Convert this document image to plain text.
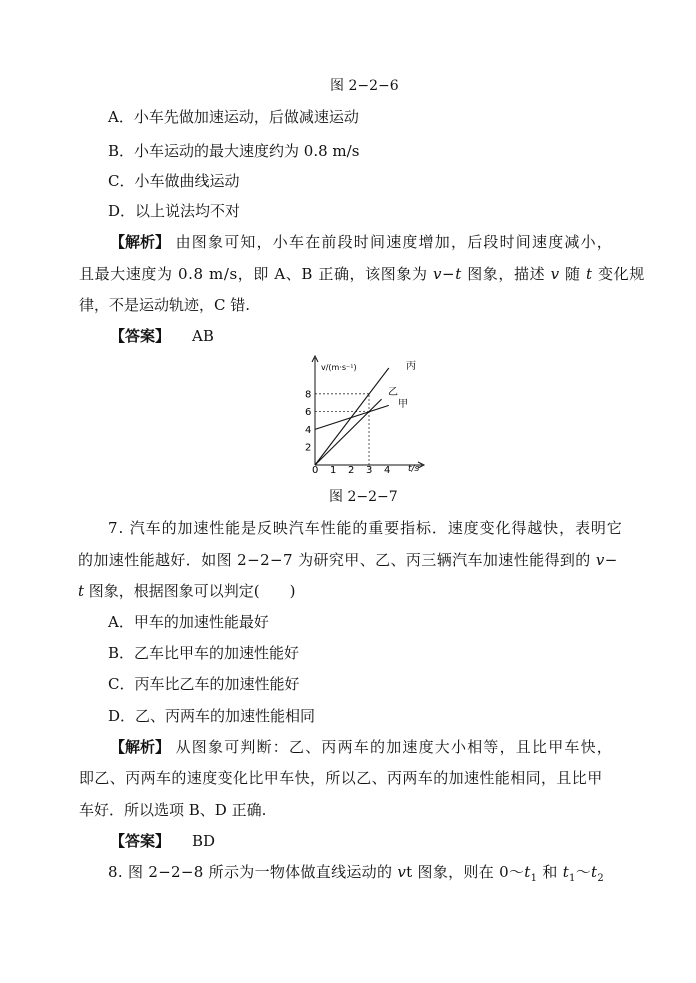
图 2−2−6
A．小车先做加速运动，后做减速运动
B．小车运动的最大速度约为 0.8 m/s
C．小车做曲线运动
D．以上说法均不对
【解析】 由图象可知，小车在前段时间速度增加，后段时间速度减小，
且最大速度为 0.8 m/s，即 A、B 正确，该图象为 v−t 图象，描述 v 随 t 变化规
律，不是运动轨迹，C 错.
【答案】 AB
2
4
6
8
1 2 3 4
v/(m·s⁻¹)
t/s
0
丙
乙
甲
图 2−2−7
7. 汽车的加速性能是反映汽车性能的重要指标．速度变化得越快，表明它
的加速性能越好．如图 2−2−7 为研究甲、乙、丙三辆汽车加速性能得到的 v−
t 图象，根据图象可以判定(　　)
A．甲车的加速性能最好
B．乙车比甲车的加速性能好
C．丙车比乙车的加速性能好
D．乙、丙两车的加速性能相同
【解析】 从图象可判断：乙、丙两车的加速度大小相等，且比甲车快，
即乙、丙两车的速度变化比甲车快，所以乙、丙两车的加速性能相同，且比甲
车好．所以选项 B、D 正确.
【答案】 BD
8. 图 2−2−8 所示为一物体做直线运动的 vt 图象，则在 $0\sim t_1$ 和 $t_1\sim t_2$
